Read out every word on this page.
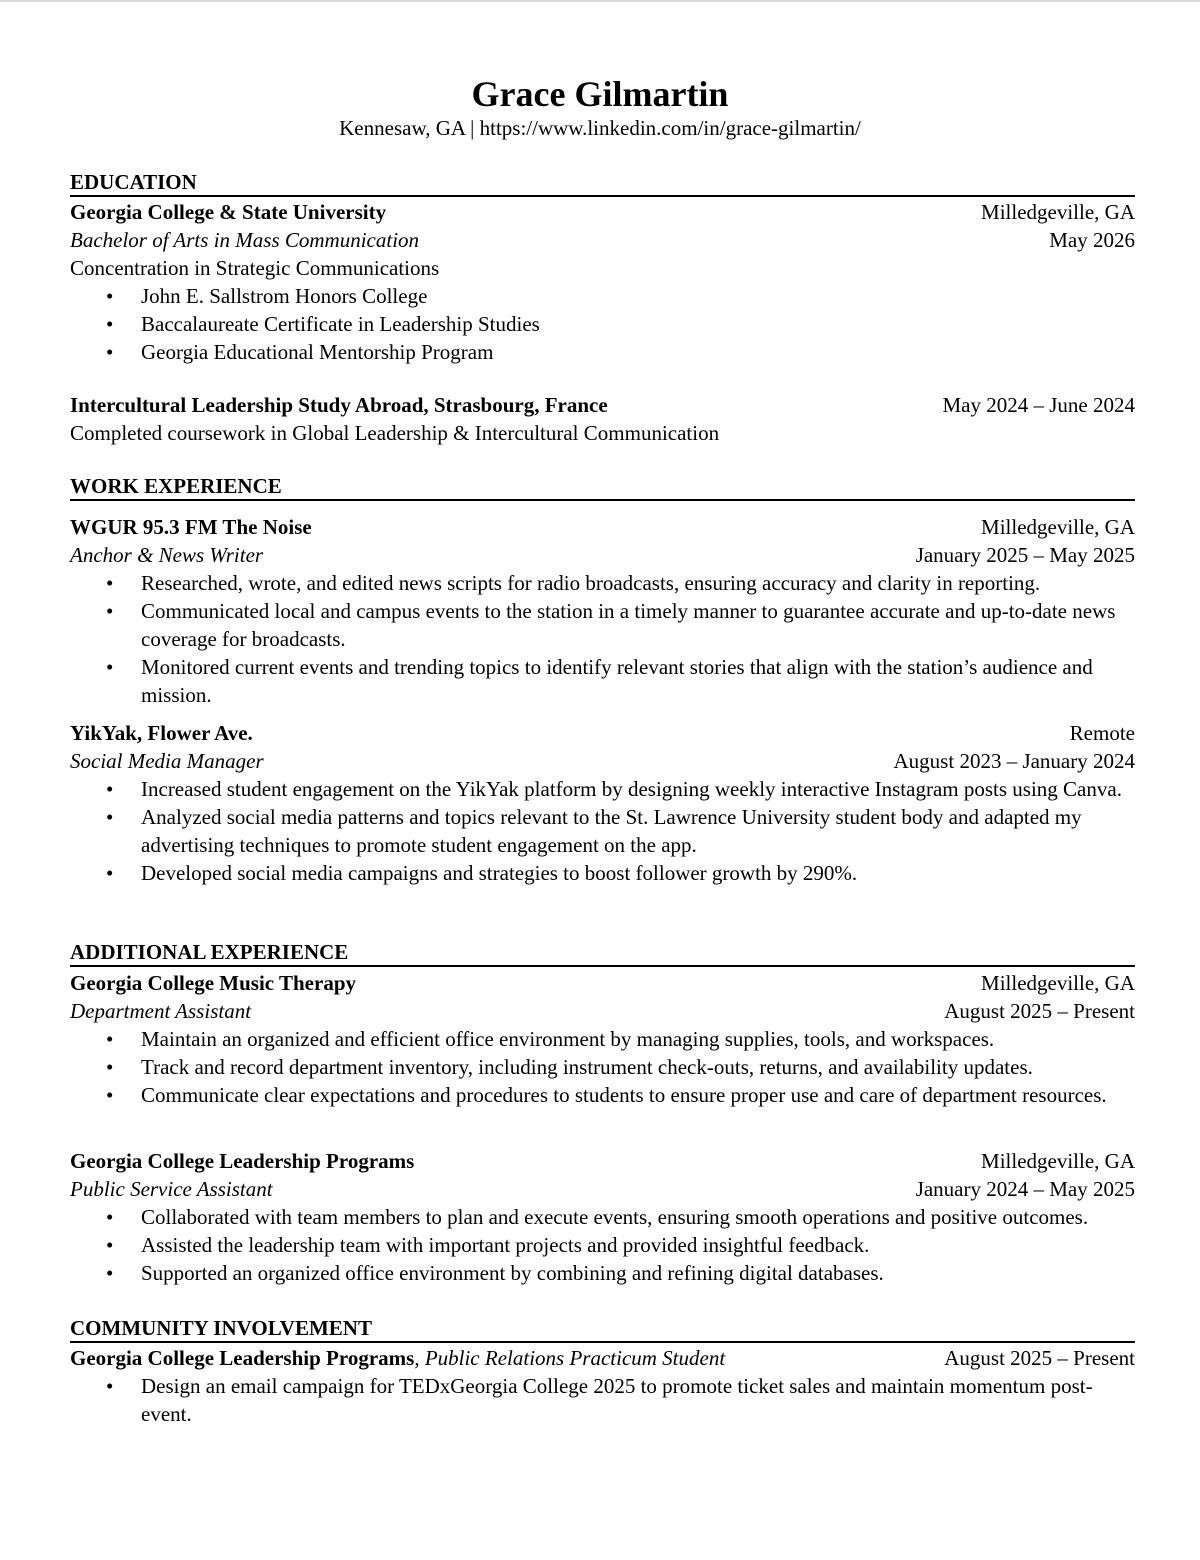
Grace Gilmartin
Kennesaw, GA | https://www.linkedin.com/in/grace-gilmartin/
EDUCATION
Georgia College & State University	Milledgeville, GA
Bachelor of Arts in Mass Communication	May 2026
Concentration in Strategic Communications
• John E. Sallstrom Honors College
• Baccalaureate Certificate in Leadership Studies
• Georgia Educational Mentorship Program
Intercultural Leadership Study Abroad, Strasbourg, France	May 2024 – June 2024
Completed coursework in Global Leadership & Intercultural Communication
WORK EXPERIENCE
WGUR 95.3 FM The Noise	Milledgeville, GA
Anchor & News Writer	January 2025 – May 2025
• Researched, wrote, and edited news scripts for radio broadcasts, ensuring accuracy and clarity in reporting.
• Communicated local and campus events to the station in a timely manner to guarantee accurate and up-to-date news coverage for broadcasts.
• Monitored current events and trending topics to identify relevant stories that align with the station’s audience and mission.
YikYak, Flower Ave.	Remote
Social Media Manager	August 2023 – January 2024
• Increased student engagement on the YikYak platform by designing weekly interactive Instagram posts using Canva.
• Analyzed social media patterns and topics relevant to the St. Lawrence University student body and adapted my advertising techniques to promote student engagement on the app.
• Developed social media campaigns and strategies to boost follower growth by 290%.
ADDITIONAL EXPERIENCE
Georgia College Music Therapy	Milledgeville, GA
Department Assistant	August 2025 – Present
• Maintain an organized and efficient office environment by managing supplies, tools, and workspaces.
• Track and record department inventory, including instrument check-outs, returns, and availability updates.
• Communicate clear expectations and procedures to students to ensure proper use and care of department resources.
Georgia College Leadership Programs	Milledgeville, GA
Public Service Assistant	January 2024 – May 2025
• Collaborated with team members to plan and execute events, ensuring smooth operations and positive outcomes.
• Assisted the leadership team with important projects and provided insightful feedback.
• Supported an organized office environment by combining and refining digital databases.
COMMUNITY INVOLVEMENT
Georgia College Leadership Programs, Public Relations Practicum Student	August 2025 – Present
• Design an email campaign for TEDxGeorgia College 2025 to promote ticket sales and maintain momentum post-event.
